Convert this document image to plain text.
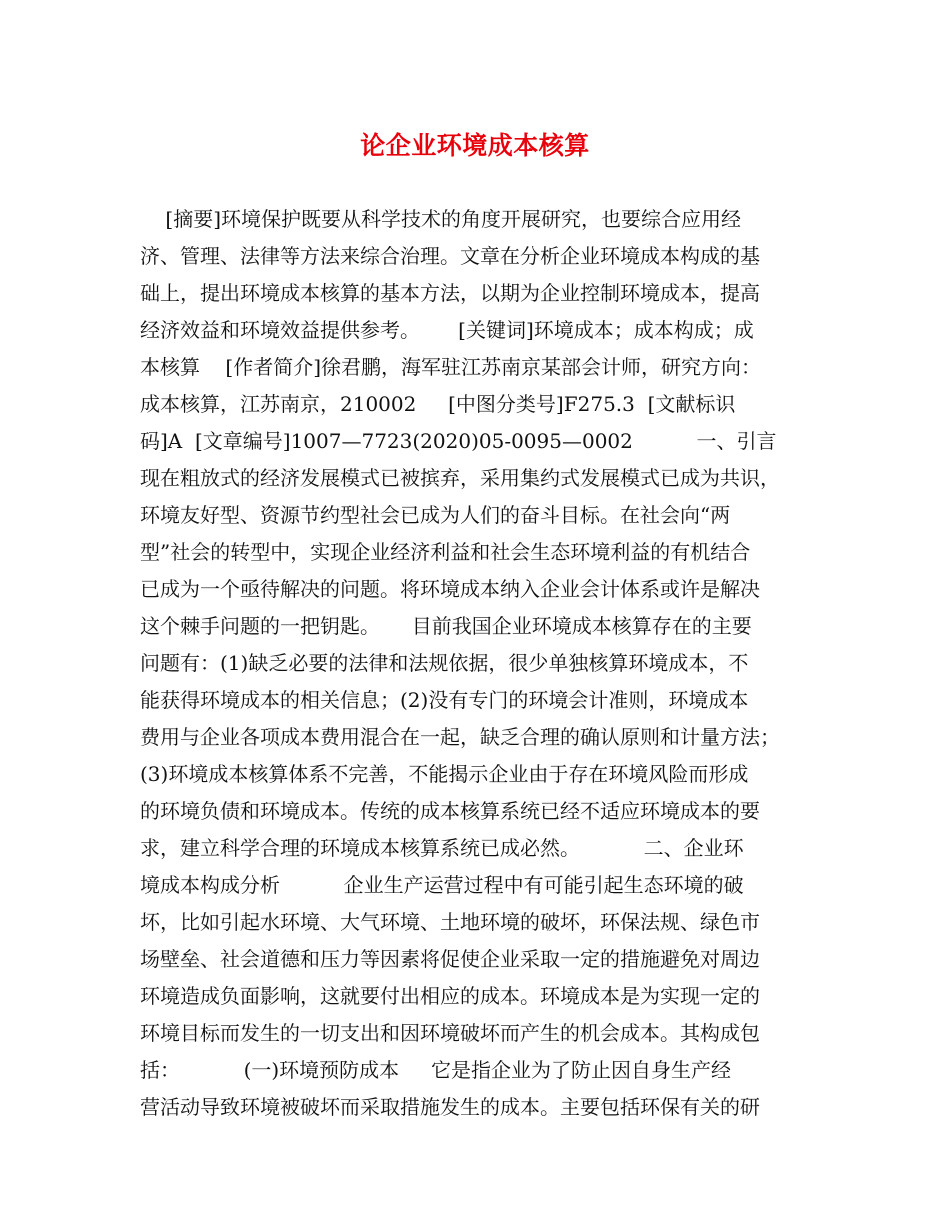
论企业环境成本核算
[摘要]环境保护既要从科学技术的角度开展研究，也要综合应用经
济、管理、法律等方法来综合治理。文章在分析企业环境成本构成的基
础上，提出环境成本核算的基本方法，以期为企业控制环境成本，提高
经济效益和环境效益提供参考。      [关键词]环境成本；成本构成；成
本核算    [作者简介]徐君鹏，海军驻江苏南京某部会计师，研究方向：
成本核算，江苏南京，210002     [中图分类号]F275.3  [文献标识
码]A  [文章编号]1007—7723(2020)05-0095—0002          一、引言
现在粗放式的经济发展模式已被摈弃，采用集约式发展模式已成为共识，
环境友好型、资源节约型社会已成为人们的奋斗目标。在社会向“两
型”社会的转型中，实现企业经济利益和社会生态环境利益的有机结合
已成为一个亟待解决的问题。将环境成本纳入企业会计体系或许是解决
这个棘手问题的一把钥匙。     目前我国企业环境成本核算存在的主要
问题有：(1)缺乏必要的法律和法规依据，很少单独核算环境成本，不
能获得环境成本的相关信息；(2)没有专门的环境会计准则，环境成本
费用与企业各项成本费用混合在一起，缺乏合理的确认原则和计量方法；
(3)环境成本核算体系不完善，不能揭示企业由于存在环境风险而形成
的环境负债和环境成本。传统的成本核算系统已经不适应环境成本的要
求，建立科学合理的环境成本核算系统已成必然。          二、企业环
境成本构成分析          企业生产运营过程中有可能引起生态环境的破
坏，比如引起水环境、大气环境、土地环境的破坏，环保法规、绿色市
场壁垒、社会道德和压力等因素将促使企业采取一定的措施避免对周边
环境造成负面影响，这就要付出相应的成本。环境成本是为实现一定的
环境目标而发生的一切支出和因环境破坏而产生的机会成本。其构成包
括：          (一)环境预防成本     它是指企业为了防止因自身生产经
营活动导致环境被破坏而采取措施发生的成本。主要包括环保有关的研
